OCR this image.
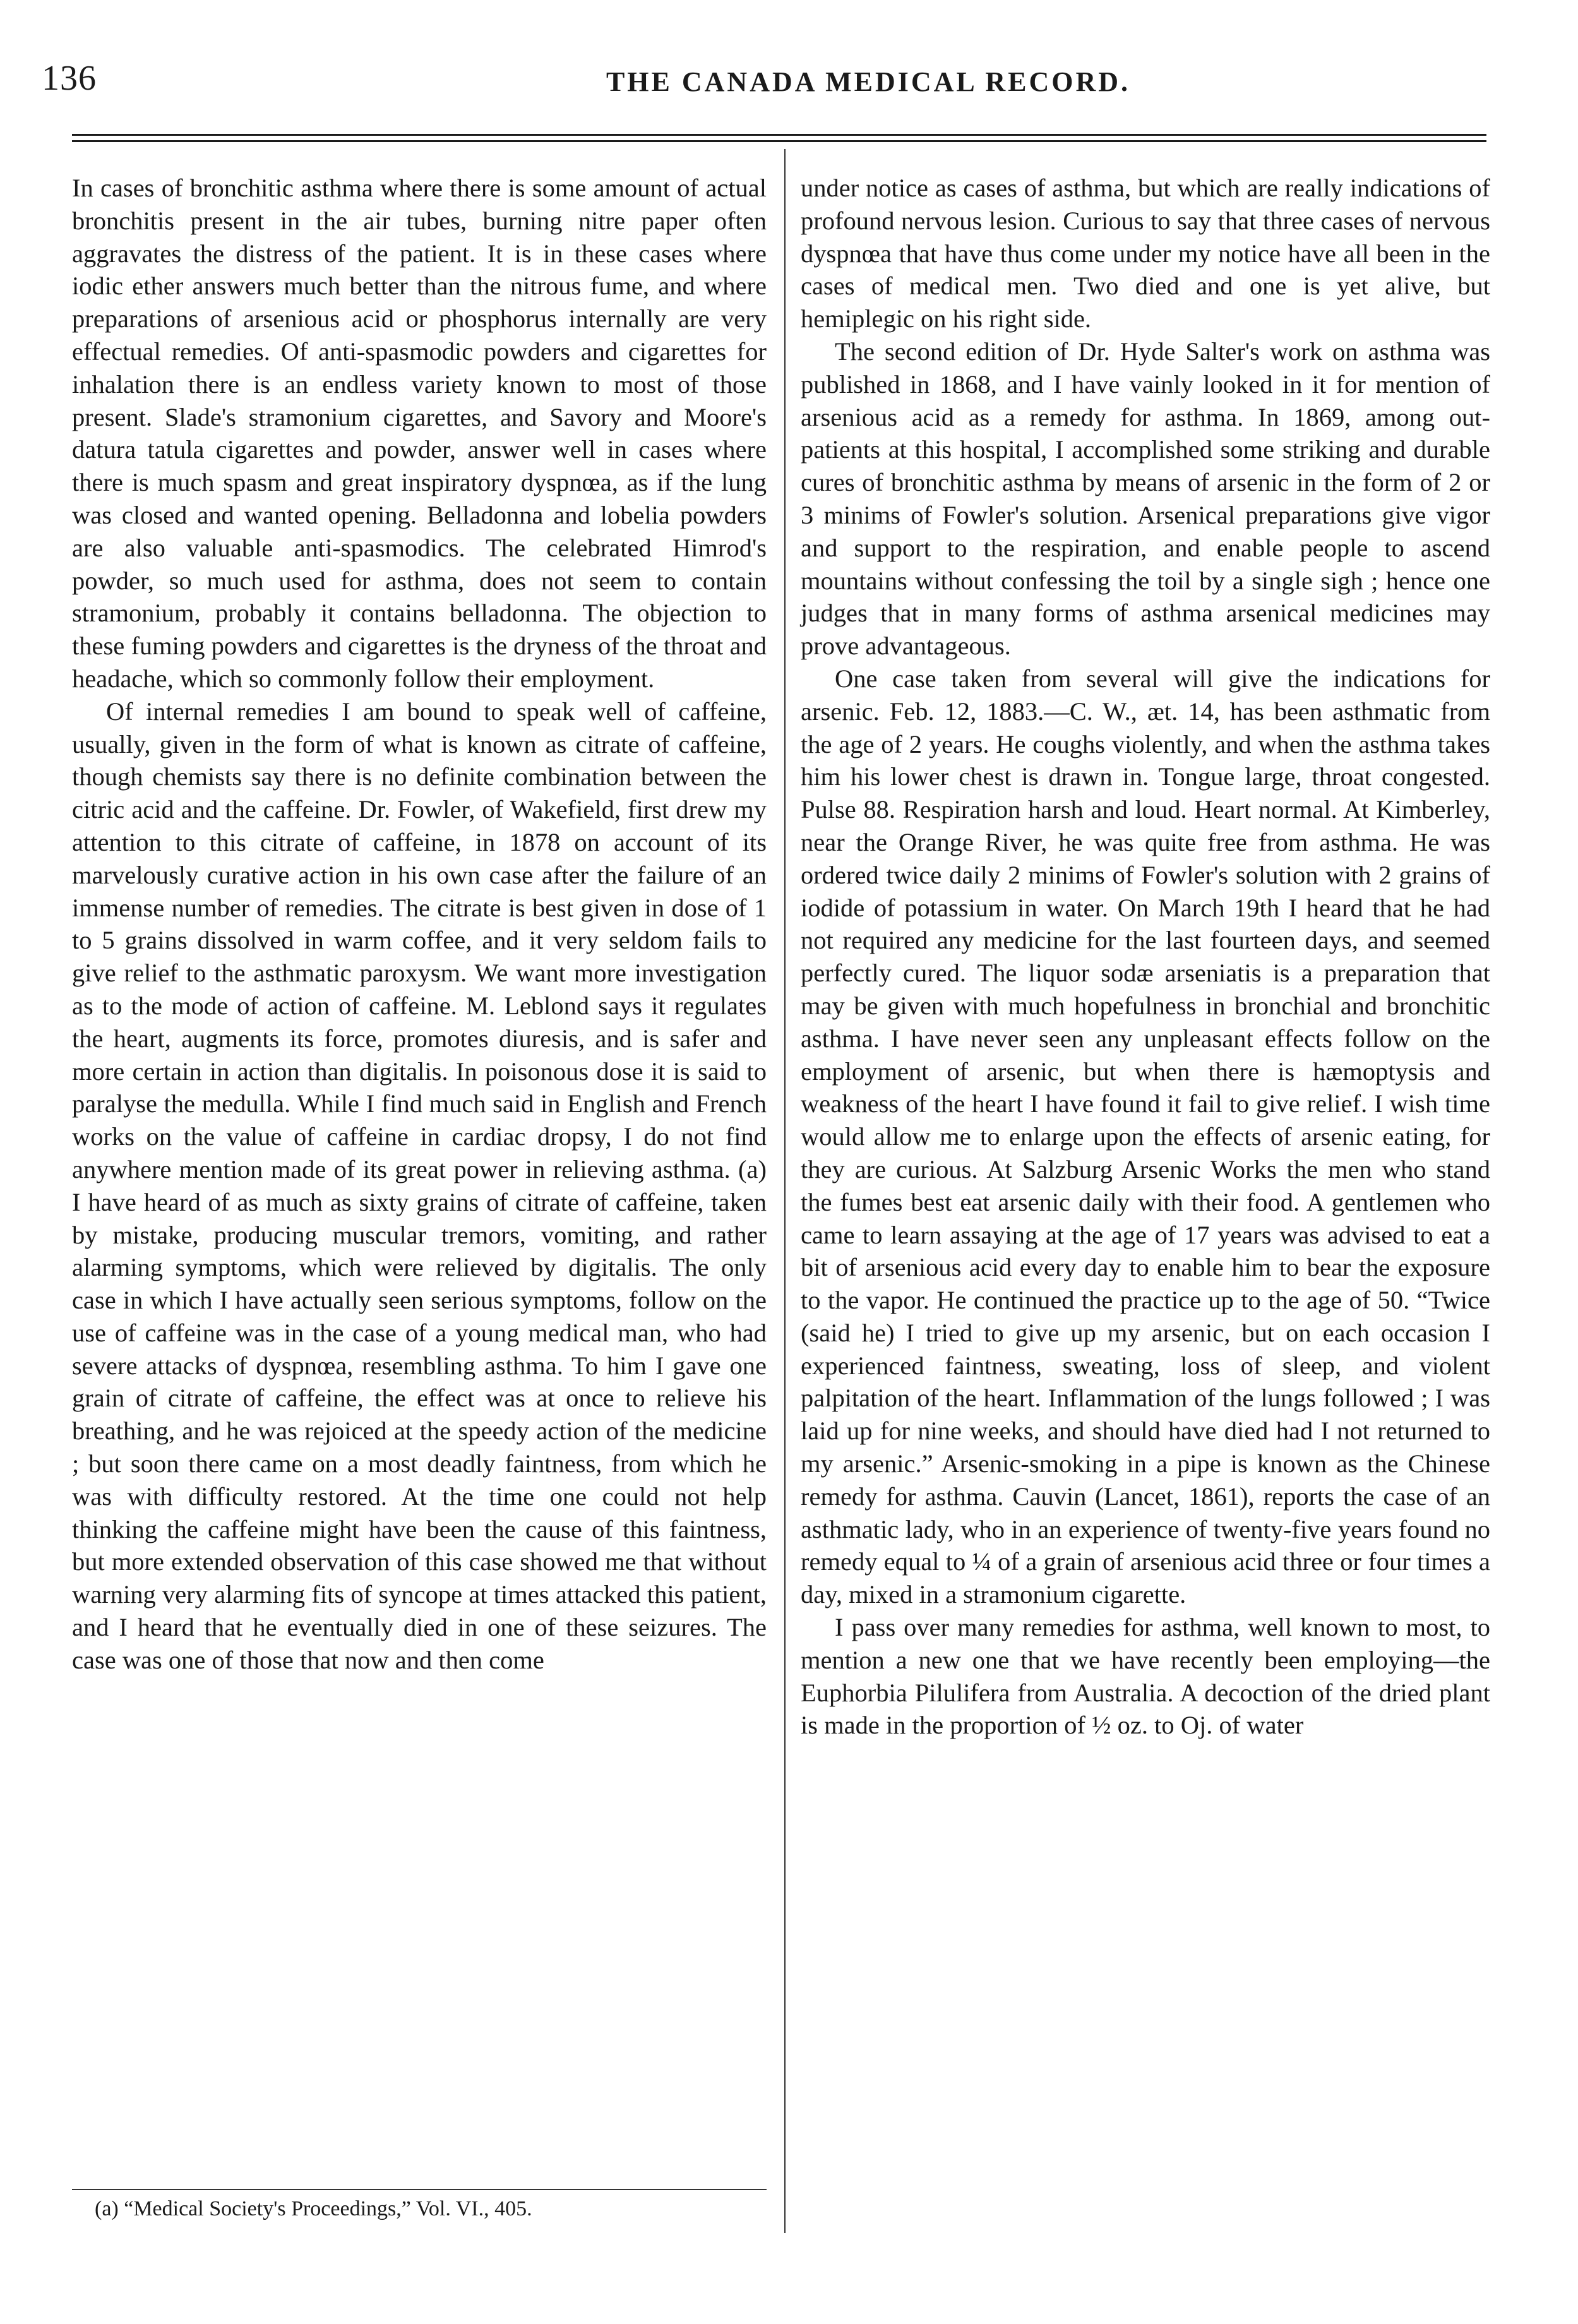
136	THE CANADA MEDICAL RECORD.

In cases of bronchitic asthma where there is some amount of actual bronchitis present in the air tubes, burning nitre paper often aggravates the distress of the patient. It is in these cases where iodic ether answers much better than the nitrous fume, and where preparations of arsenious acid or phosphorus internally are very effectual remedies. Of anti-spasmodic powders and cigarettes for inhalation there is an endless variety known to most of those present. Slade's stramonium cigarettes, and Savory and Moore's datura tatula cigarettes and powder, answer well in cases where there is much spasm and great inspiratory dyspnœa, as if the lung was closed and wanted opening. Belladonna and lobelia powders are also valuable anti-spasmodics. The celebrated Himrod's powder, so much used for asthma, does not seem to contain stramonium, probably it contains belladonna. The objection to these fuming powders and cigarettes is the dryness of the throat and headache, which so commonly follow their employment.

Of internal remedies I am bound to speak well of caffeine, usually, given in the form of what is known as citrate of caffeine, though chemists say there is no definite combination between the citric acid and the caffeine. Dr. Fowler, of Wakefield, first drew my attention to this citrate of caffeine, in 1878 on account of its marvelously curative action in his own case after the failure of an immense number of remedies. The citrate is best given in dose of 1 to 5 grains dissolved in warm coffee, and it very seldom fails to give relief to the asthmatic paroxysm. We want more investigation as to the mode of action of caffeine. M. Leblond says it regulates the heart, augments its force, promotes diuresis, and is safer and more certain in action than digitalis. In poisonous dose it is said to paralyse the medulla. While I find much said in English and French works on the value of caffeine in cardiac dropsy, I do not find anywhere mention made of its great power in relieving asthma. (a) I have heard of as much as sixty grains of citrate of caffeine, taken by mistake, producing muscular tremors, vomiting, and rather alarming symptoms, which were relieved by digitalis. The only case in which I have actually seen serious symptoms, follow on the use of caffeine was in the case of a young medical man, who had severe attacks of dyspnœa, resembling asthma. To him I gave one grain of citrate of caffeine, the effect was at once to relieve his breathing, and he was rejoiced at the speedy action of the medicine ; but soon there came on a most deadly faintness, from which he was with difficulty restored. At the time one could not help thinking the caffeine might have been the cause of this faintness, but more extended observation of this case showed me that without warning very alarming fits of syncope at times attacked this patient, and I heard that he eventually died in one of these seizures. The case was one of those that now and then come

under notice as cases of asthma, but which are really indications of profound nervous lesion. Curious to say that three cases of nervous dyspnœa that have thus come under my notice have all been in the cases of medical men. Two died and one is yet alive, but hemiplegic on his right side.

The second edition of Dr. Hyde Salter's work on asthma was published in 1868, and I have vainly looked in it for mention of arsenious acid as a remedy for asthma. In 1869, among out-patients at this hospital, I accomplished some striking and durable cures of bronchitic asthma by means of arsenic in the form of 2 or 3 minims of Fowler's solution. Arsenical preparations give vigor and support to the respiration, and enable people to ascend mountains without confessing the toil by a single sigh ; hence one judges that in many forms of asthma arsenical medicines may prove advantageous.

One case taken from several will give the indications for arsenic. Feb. 12, 1883.—C. W., æt. 14, has been asthmatic from the age of 2 years. He coughs violently, and when the asthma takes him his lower chest is drawn in. Tongue large, throat congested. Pulse 88. Respiration harsh and loud. Heart normal. At Kimberley, near the Orange River, he was quite free from asthma. He was ordered twice daily 2 minims of Fowler's solution with 2 grains of iodide of potassium in water. On March 19th I heard that he had not required any medicine for the last fourteen days, and seemed perfectly cured. The liquor sodæ arseniatis is a preparation that may be given with much hopefulness in bronchial and bronchitic asthma. I have never seen any unpleasant effects follow on the employment of arsenic, but when there is hæmoptysis and weakness of the heart I have found it fail to give relief. I wish time would allow me to enlarge upon the effects of arsenic eating, for they are curious. At Salzburg Arsenic Works the men who stand the fumes best eat arsenic daily with their food. A gentlemen who came to learn assaying at the age of 17 years was advised to eat a bit of arsenious acid every day to enable him to bear the exposure to the vapor. He continued the practice up to the age of 50. “Twice (said he) I tried to give up my arsenic, but on each occasion I experienced faintness, sweating, loss of sleep, and violent palpitation of the heart. Inflammation of the lungs followed ; I was laid up for nine weeks, and should have died had I not returned to my arsenic.” Arsenic-smoking in a pipe is known as the Chinese remedy for asthma. Cauvin (Lancet, 1861), reports the case of an asthmatic lady, who in an experience of twenty-five years found no remedy equal to ¼ of a grain of arsenious acid three or four times a day, mixed in a stramonium cigarette.

I pass over many remedies for asthma, well known to most, to mention a new one that we have recently been employing—the Euphorbia Pilulifera from Australia. A decoction of the dried plant is made in the proportion of ½ oz. to Oj. of water

(a) “Medical Society's Proceedings,” Vol. VI., 405.
